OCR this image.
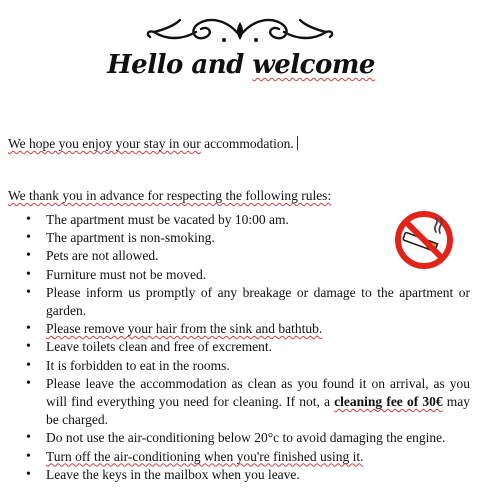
Hello and welcome
We hope you enjoy your stay in our accommodation.
We thank you in advance for respecting the following rules:
• The apartment must be vacated by 10:00 am.
• The apartment is non-smoking.
• Pets are not allowed.
• Furniture must not be moved.
• Please inform us promptly of any breakage or damage to the apartment or garden.
• Please remove your hair from the sink and bathtub.
• Leave toilets clean and free of excrement.
• It is forbidden to eat in the rooms.
• Please leave the accommodation as clean as you found it on arrival, as you will find everything you need for cleaning. If not, a cleaning fee of 30€ may be charged.
• Do not use the air-conditioning below 20°c to avoid damaging the engine.
• Turn off the air-conditioning when you're finished using it.
• Leave the keys in the mailbox when you leave.
